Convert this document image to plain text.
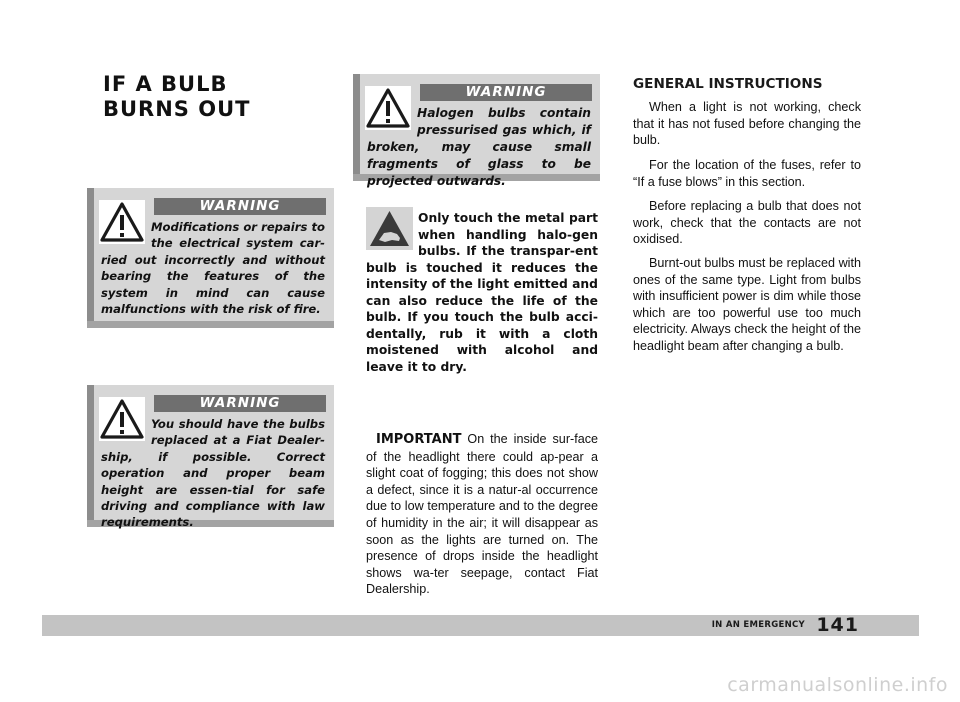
IF A BULB
BURNS OUT
WARNING

Modifications or repairs to the electrical system car-ried out incorrectly and without bearing the features of the system in mind can cause malfunctions with the risk of fire.

WARNING

You should have the bulbs replaced at a Fiat Dealer-ship, if possible. Correct operation and proper beam height are essen-tial for safe driving and compliance with law requirements.

WARNING

Halogen bulbs contain pressurised gas which, if broken, may cause small fragments of glass to be projected outwards.

Only touch the metal part when handling halo-gen bulbs. If the transpar-ent bulb is touched it reduces the intensity of the light emitted and can also reduce the life of the bulb. If you touch the bulb acci-dentally, rub it with a cloth moistened with alcohol and leave it to dry.

IMPORTANT On the inside sur-face of the headlight there could ap-pear a slight coat of fogging; this does not show a defect, since it is a natur-al occurrence due to low temperature and to the degree of humidity in the air; it will disappear as soon as the lights are turned on. The presence of drops inside the headlight shows wa-ter seepage, contact Fiat Dealership.

GENERAL INSTRUCTIONS

When a light is not working, check that it has not fused before changing the bulb.

For the location of the fuses, refer to “If a fuse blows” in this section.

Before replacing a bulb that does not work, check that the contacts are not oxidised.

Burnt-out bulbs must be replaced with ones of the same type. Light from bulbs with insufficient power is dim while those which are too powerful use too much electricity. Always check the height of the headlight beam after changing a bulb.

IN AN EMERGENCY 141
carmanualsonline.info
